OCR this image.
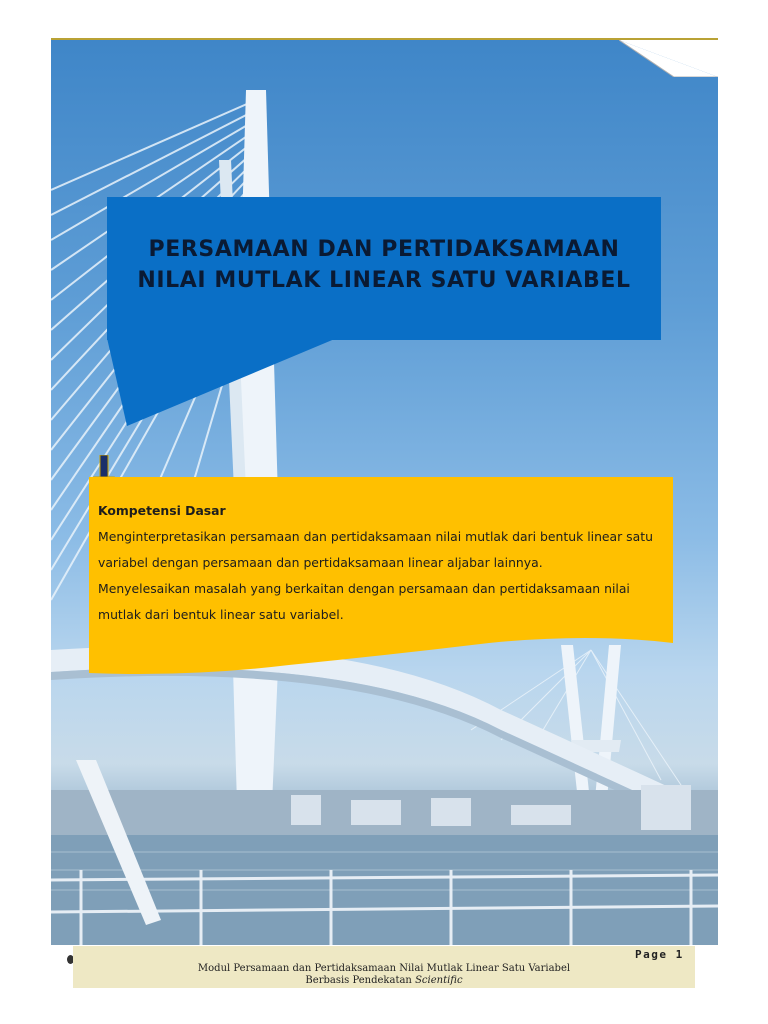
PERSAMAAN DAN PERTIDAKSAMAAN
NILAI MUTLAK LINEAR SATU VARIABEL
Kompetensi Dasar
Menginterpretasikan persamaan dan pertidaksamaan nilai mutlak dari bentuk linear satu
variabel dengan persamaan dan pertidaksamaan linear aljabar lainnya.
Menyelesaikan masalah yang berkaitan dengan persamaan dan pertidaksamaan nilai
mutlak dari bentuk linear satu variabel.
Page 1
Modul Persamaan dan Pertidaksamaan Nilai Mutlak Linear Satu Variabel
Berbasis Pendekatan Scientific
